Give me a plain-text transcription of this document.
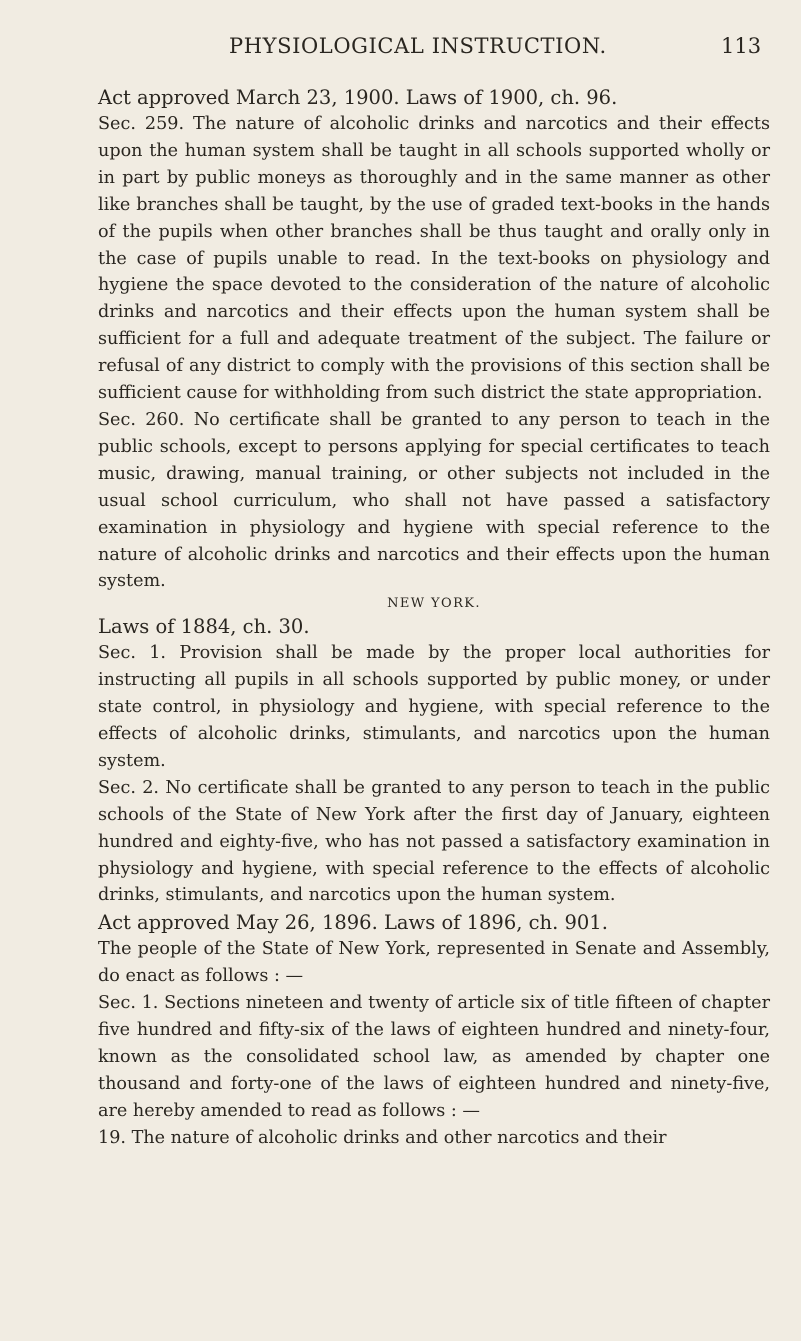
PHYSIOLOGICAL INSTRUCTION.	113

Act approved March 23, 1900. Laws of 1900, ch. 96.

Sec. 259. The nature of alcoholic drinks and narcotics and their effects upon the human system shall be taught in all schools supported wholly or in part by public moneys as thoroughly and in the same manner as other like branches shall be taught, by the use of graded text-books in the hands of the pupils when other branches shall be thus taught and orally only in the case of pupils unable to read. In the text-books on physiology and hygiene the space devoted to the consideration of the nature of alcoholic drinks and narcotics and their effects upon the human system shall be sufficient for a full and adequate treatment of the subject. The failure or refusal of any district to comply with the provisions of this section shall be sufficient cause for withholding from such district the state appropriation.

Sec. 260. No certificate shall be granted to any person to teach in the public schools, except to persons applying for special certificates to teach music, drawing, manual training, or other subjects not included in the usual school curriculum, who shall not have passed a satisfactory examination in physiology and hygiene with special reference to the nature of alcoholic drinks and narcotics and their effects upon the human system.

NEW YORK.

Laws of 1884, ch. 30.

Sec. 1. Provision shall be made by the proper local authorities for instructing all pupils in all schools supported by public money, or under state control, in physiology and hygiene, with special reference to the effects of alcoholic drinks, stimulants, and narcotics upon the human system.

Sec. 2. No certificate shall be granted to any person to teach in the public schools of the State of New York after the first day of January, eighteen hundred and eighty-five, who has not passed a satisfactory examination in physiology and hygiene, with special reference to the effects of alcoholic drinks, stimulants, and narcotics upon the human system.

Act approved May 26, 1896. Laws of 1896, ch. 901.

The people of the State of New York, represented in Senate and Assembly, do enact as follows : —

Sec. 1. Sections nineteen and twenty of article six of title fifteen of chapter five hundred and fifty-six of the laws of eighteen hundred and ninety-four, known as the consolidated school law, as amended by chapter one thousand and forty-one of the laws of eighteen hundred and ninety-five, are hereby amended to read as follows : —

19. The nature of alcoholic drinks and other narcotics and their
